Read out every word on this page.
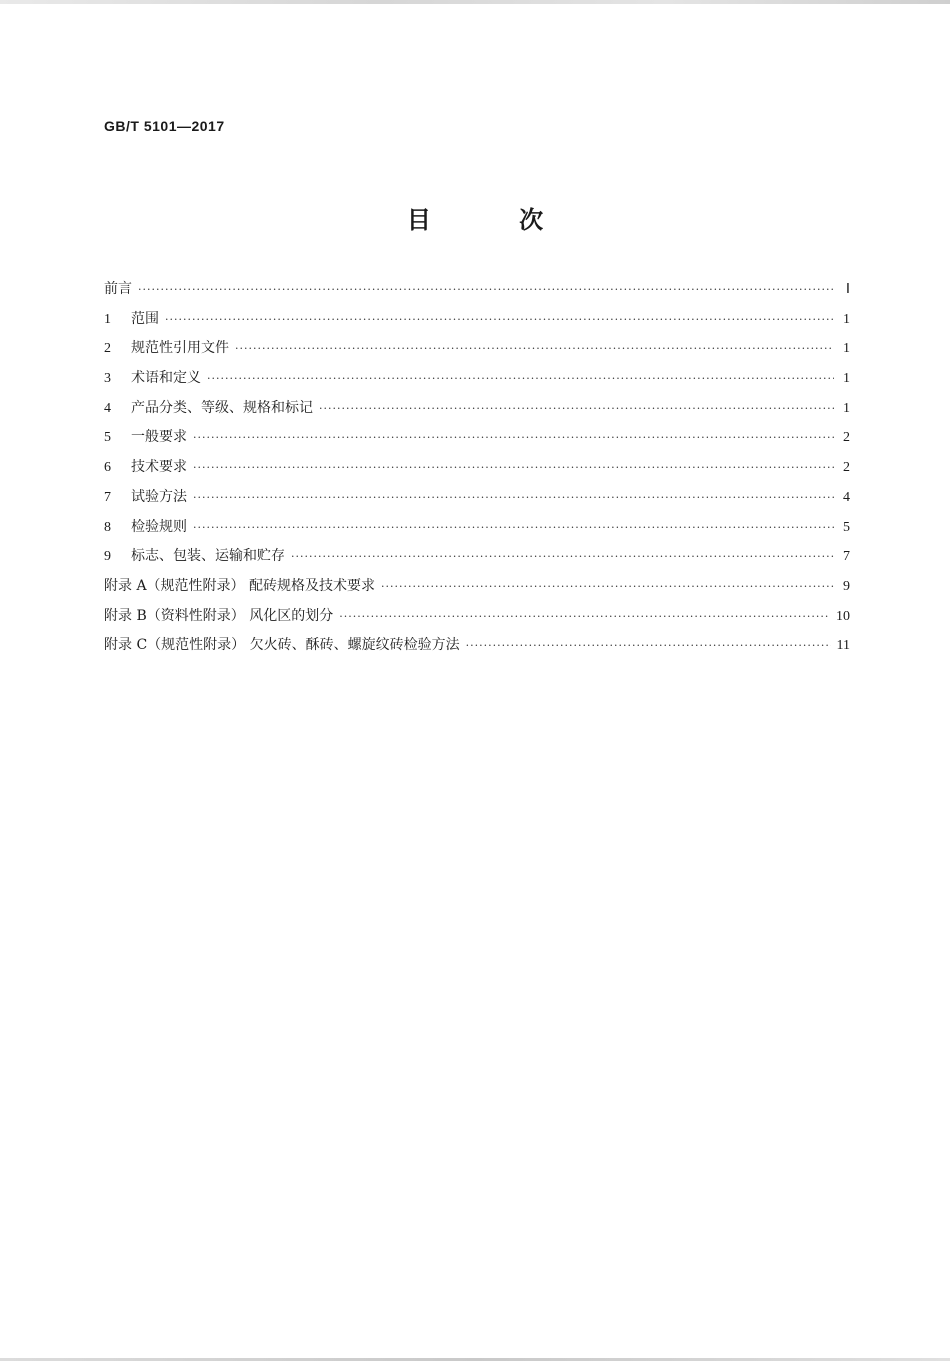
GB/T 5101—2017
目 次
前言 ·····	Ⅰ
1	范围 ·····	1
2	规范性引用文件 ·····	1
3	术语和定义 ·····	1
4	产品分类、等级、规格和标记 ·····	1
5	一般要求 ·····	2
6	技术要求 ·····	2
7	试验方法 ·····	4
8	检验规则 ·····	5
9	标志、包装、运输和贮存 ·····	7
附录 A（规范性附录） 配砖规格及技术要求 ·····	9
附录 B（资料性附录） 风化区的划分 ·····	10
附录 C（规范性附录） 欠火砖、酥砖、螺旋纹砖检验方法 ·····	11
